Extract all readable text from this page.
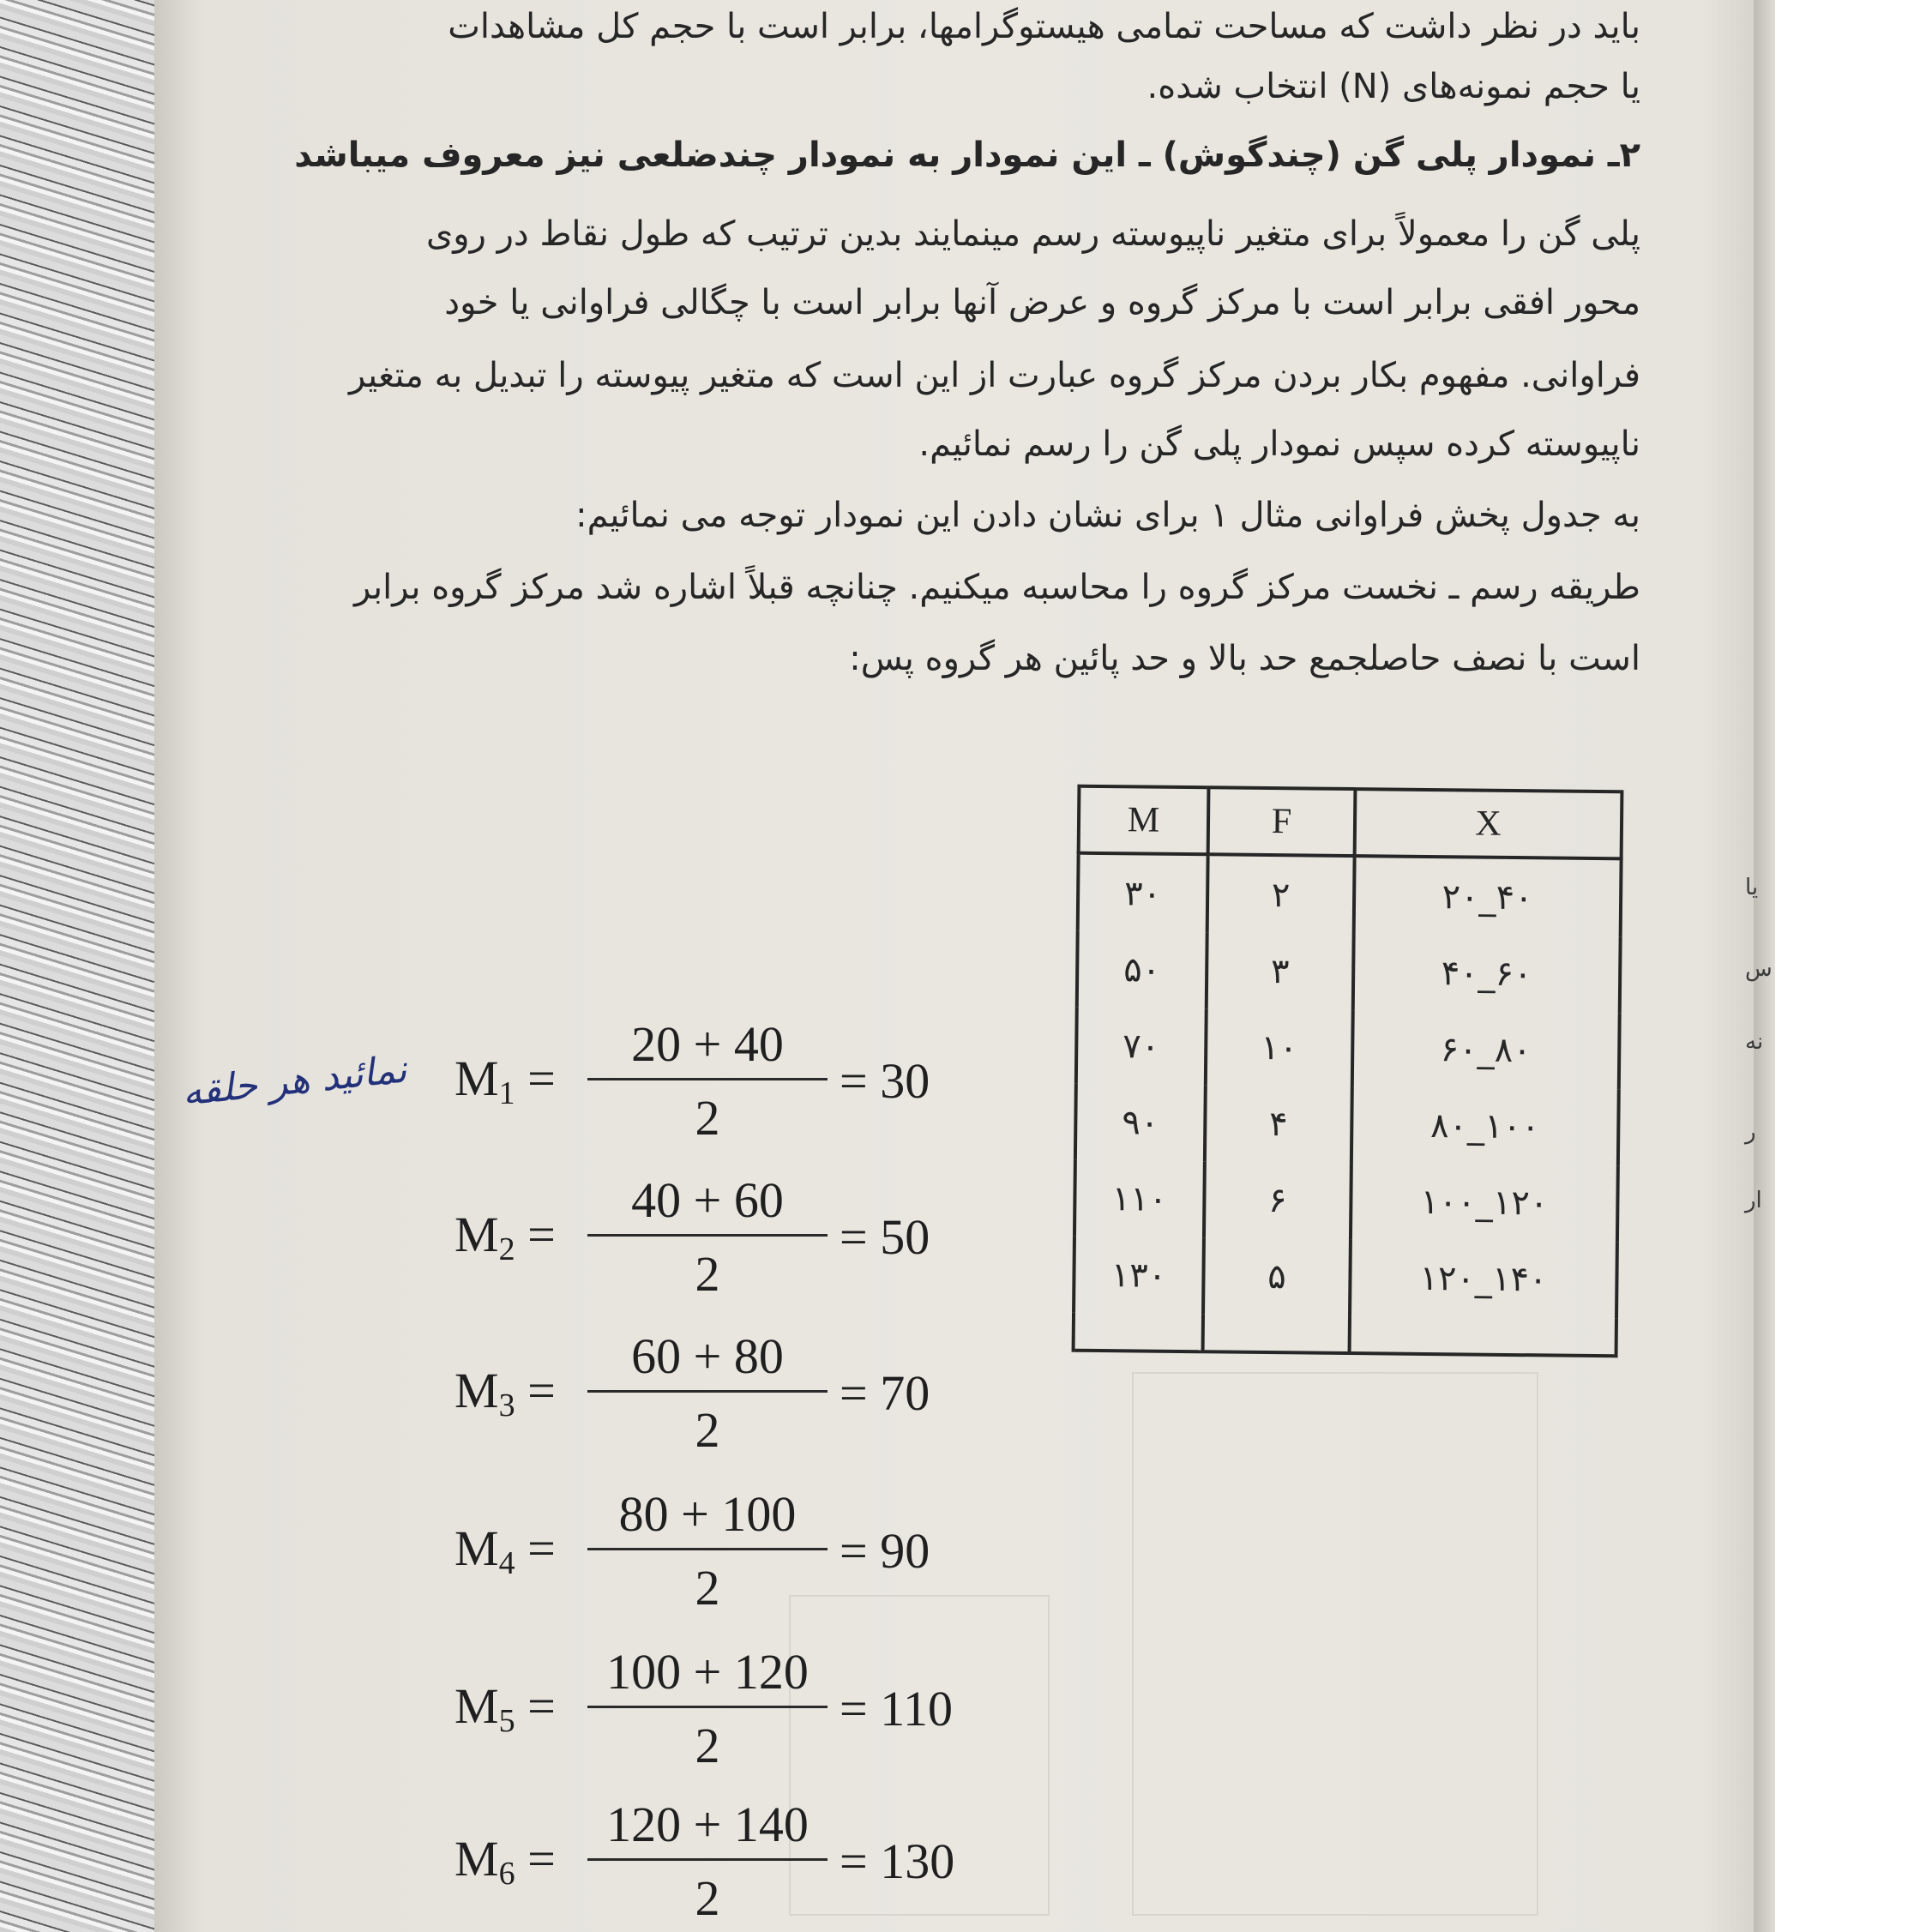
یا
س
نه
ر
ار
باید در نظر داشت که مساحت تمامی هیستوگرامها، برابر است با حجم کل مشاهدات
یا حجم نمونه‌های (N) انتخاب شده.
۲ـ نمودار پلی گن (چندگوش) ـ این نمودار به نمودار چندضلعی نیز معروف میباشد
پلی گن را معمولاً برای متغیر ناپیوسته رسم مینمایند بدین ترتیب که طول نقاط در روی
محور افقی برابر است با مرکز گروه و عرض آنها برابر است با چگالی فراوانی یا خود
فراوانی. مفهوم بکار بردن مرکز گروه عبارت از این است که متغیر پیوسته را تبدیل به متغیر
ناپیوسته کرده سپس نمودار پلی گن را رسم نمائیم.
به جدول پخش فراوانی مثال ۱ برای نشان دادن این نمودار توجه می نمائیم:
طریقه رسم ـ نخست مرکز گروه را محاسبه میکنیم. چنانچه قبلاً اشاره شد مرکز گروه برابر
است با نصف حاصلجمع حد بالا و حد پائین هر گروه پس:
M	F	X
۳۰	۲	۲۰_۴۰
۵۰	۳	۴۰_۶۰
۷۰	۱۰	۶۰_۸۰
۹۰	۴	۸۰_۱۰۰
۱۱۰	۶	۱۰۰_۱۲۰
۱۳۰	۵	۱۲۰_۱۴۰

نمائید هر حلقه $M_1 = \frac{20 + 40}{2} = 30$
$M_2 = \frac{40 + 60}{2} = 50$
$M_3 = \frac{60 + 80}{2} = 70$
$M_4 = \frac{80 + 100}{2} = 90$
$M_5 = \frac{100 + 120}{2} = 110$
$M_6 = \frac{120 + 140}{2} = 130$
